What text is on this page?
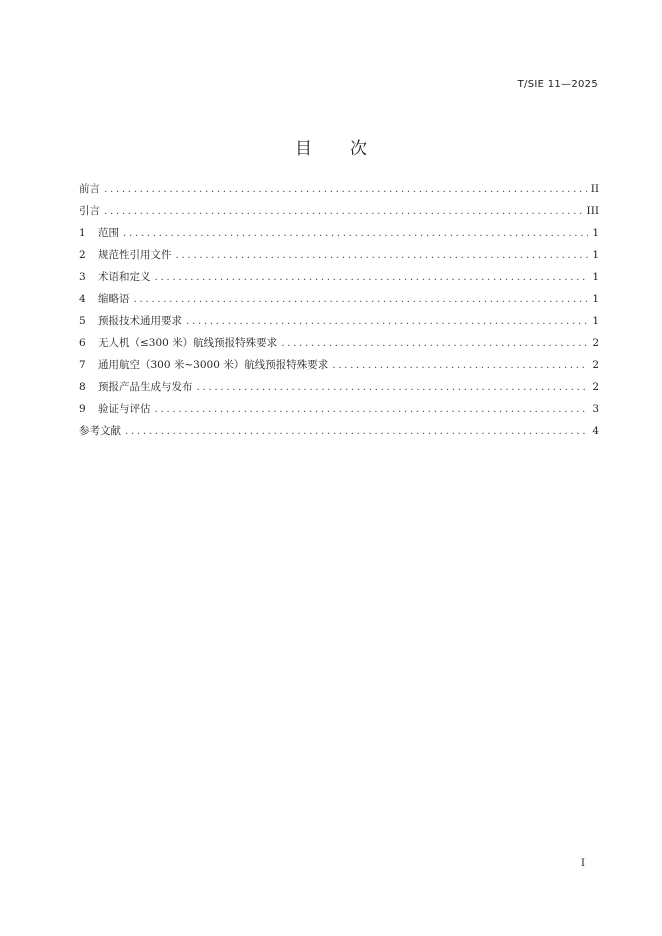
T/SIE 11—2025
目次
前言 .....	II
引言 .....	III
1	范围 .....	1
2	规范性引用文件 .....	1
3	术语和定义 .....	1
4	缩略语 .....	1
5	预报技术通用要求 .....	1
6	无人机（≤300 米）航线预报特殊要求 .....	2
7	通用航空（300 米~3000 米）航线预报特殊要求 .....	2
8	预报产品生成与发布 .....	2
9	验证与评估 .....	3
参考文献 .....	4
I
